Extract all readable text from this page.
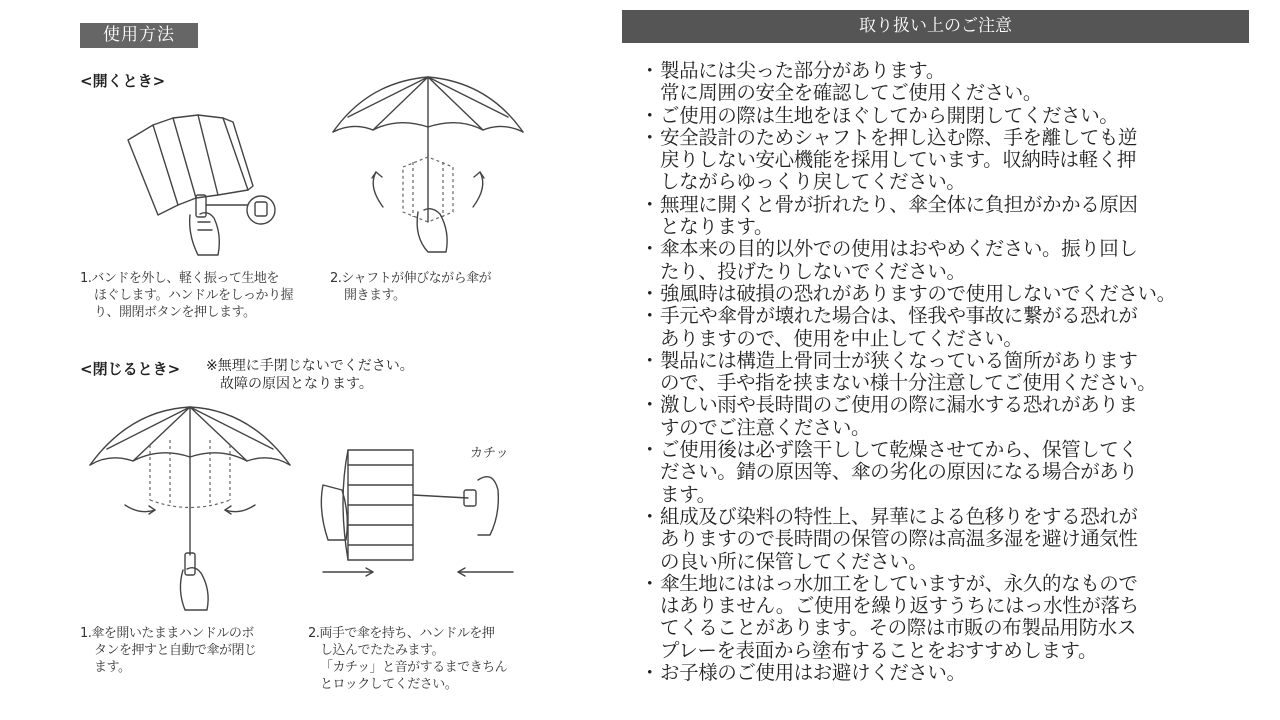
使用方法
<開くとき>
1.バンドを外し、軽く振って生地を
ほぐします。ハンドルをしっかり握
り、開閉ボタンを押します。
2.シャフトが伸びながら傘が
開きます。
<閉じるとき> ※無理に手閉じないでください。
故障の原因となります。
カチッ
1.傘を開いたままハンドルのボ
タンを押すと自動で傘が閉じ
ます。
2.両手で傘を持ち、ハンドルを押
し込んでたたみます。
「カチッ」と音がするまできちん
とロックしてください。
取り扱い上のご注意
・ 製品には尖った部分があります。
常に周囲の安全を確認してご使用ください。
・ ご使用の際は生地をほぐしてから開閉してください。
・ 安全設計のためシャフトを押し込む際、手を離しても逆
戻りしない安心機能を採用しています。収納時は軽く押
しながらゆっくり戻してください。
・ 無理に開くと骨が折れたり、傘全体に負担がかかる原因
となります。
・ 傘本来の目的以外での使用はおやめください。振り回し
たり、投げたりしないでください。
・ 強風時は破損の恐れがありますので使用しないでください。
・ 手元や傘骨が壊れた場合は、怪我や事故に繋がる恐れが
ありますので、使用を中止してください。
・ 製品には構造上骨同士が狭くなっている箇所があります
ので、手や指を挟まない様十分注意してご使用ください。
・ 激しい雨や長時間のご使用の際に漏水する恐れがありま
すのでご注意ください。
・ ご使用後は必ず陰干しして乾燥させてから、保管してく
ださい。錆の原因等、傘の劣化の原因になる場合があり
ます。
・ 組成及び染料の特性上、昇華による色移りをする恐れが
ありますので長時間の保管の際は高温多湿を避け通気性
の良い所に保管してください。
・ 傘生地にははっ水加工をしていますが、永久的なもので
はありません。ご使用を繰り返すうちにはっ水性が落ち
てくることがあります。その際は市販の布製品用防水ス
プレーを表面から塗布することをおすすめします。
・ お子様のご使用はお避けください。
